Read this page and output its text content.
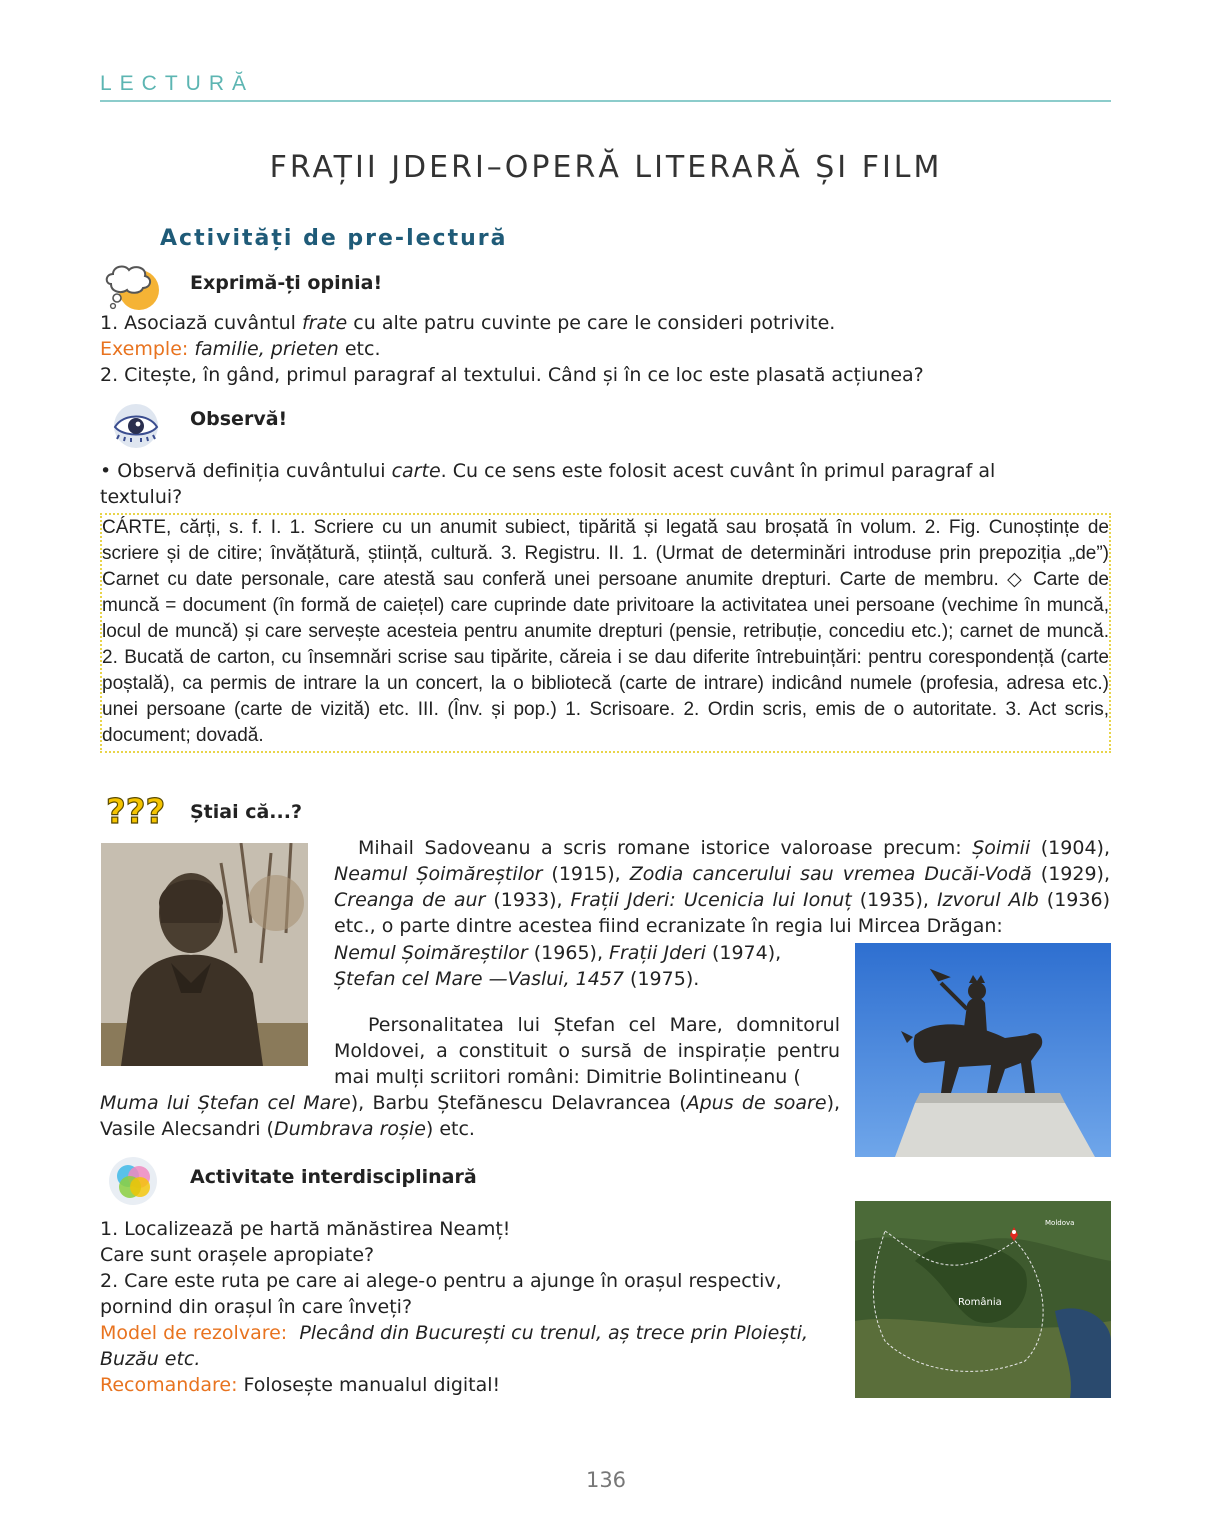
LECTURĂ
FRAȚII JDERI–OPERĂ LITERARĂ ȘI FILM
Activități de pre-lectură
Exprimă-ți opinia!
1. Asociază cuvântul frate cu alte patru cuvinte pe care le consideri potrivite.
Exemple: familie, prieten etc.
2. Citește, în gând, primul paragraf al textului. Când și în ce loc este plasată acțiunea?
Observă!
• Observă definiția cuvântului carte. Cu ce sens este folosit acest cuvânt în primul paragraf al textului?
CÁRTE, cărți, s. f. I. 1. Scriere cu un anumit subiect, tipărită și legată sau broșată în volum. 2. Fig. Cunoștințe de scriere și de citire; învățătură, știință, cultură. 3. Registru. II. 1. (Urmat de determinări introduse prin prepoziția „de”) Carnet cu date personale, care atestă sau conferă unei persoane anumite drepturi. Carte de membru. ◇ Carte de muncă = document (în formă de caiețel) care cuprinde date privitoare la activitatea unei persoane (vechime în muncă, locul de muncă) și care servește acesteia pentru anumite drepturi (pensie, retribuție, concediu etc.); carnet de muncă. 2. Bucată de carton, cu însemnări scrise sau tipărite, căreia i se dau diferite întrebuințări: pentru corespondență (carte poștală), ca permis de intrare la un concert, la o bibliotecă (carte de intrare) indicând numele (profesia, adresa etc.) unei persoane (carte de vizită) etc. III. (Înv. și pop.) 1. Scrisoare. 2. Ordin scris, emis de o autoritate. 3. Act scris, document; dovadă.
??? Știai că...?
Mihail Sadoveanu a scris romane istorice valoroase precum: Șoimii (1904), Neamul Șoimăreștilor (1915), Zodia cancerului sau vremea Ducăi-Vodă (1929), Creanga de aur (1933), Frații Jderi: Ucenicia lui Ionuț (1935), Izvorul Alb (1936) etc., o parte dintre acestea fiind ecranizate în regia lui Mircea Drăgan:
Nemul Șoimăreștilor (1965), Frații Jderi (1974),
Ștefan cel Mare —Vaslui, 1457 (1975).
Personalitatea lui Ștefan cel Mare, domnitorul Moldovei, a constituit o sursă de inspirație pentru mai mulți scriitori români: Dimitrie Bolintineanu (
Muma lui Ștefan cel Mare), Barbu Ștefănescu Delavrancea (Apus de soare), Vasile Alecsandri (Dumbrava roșie) etc.
Activitate interdisciplinară
1. Localizează pe hartă mănăstirea Neamț!
Care sunt orașele apropiate?
2. Care este ruta pe care ai alege-o pentru a ajunge în orașul respectiv,
pornind din orașul în care înveți?
Model de rezolvare: Plecând din București cu trenul, aș trece prin Ploiești,
Buzău etc.
Recomandare: Folosește manualul digital!
România
Moldova
136
